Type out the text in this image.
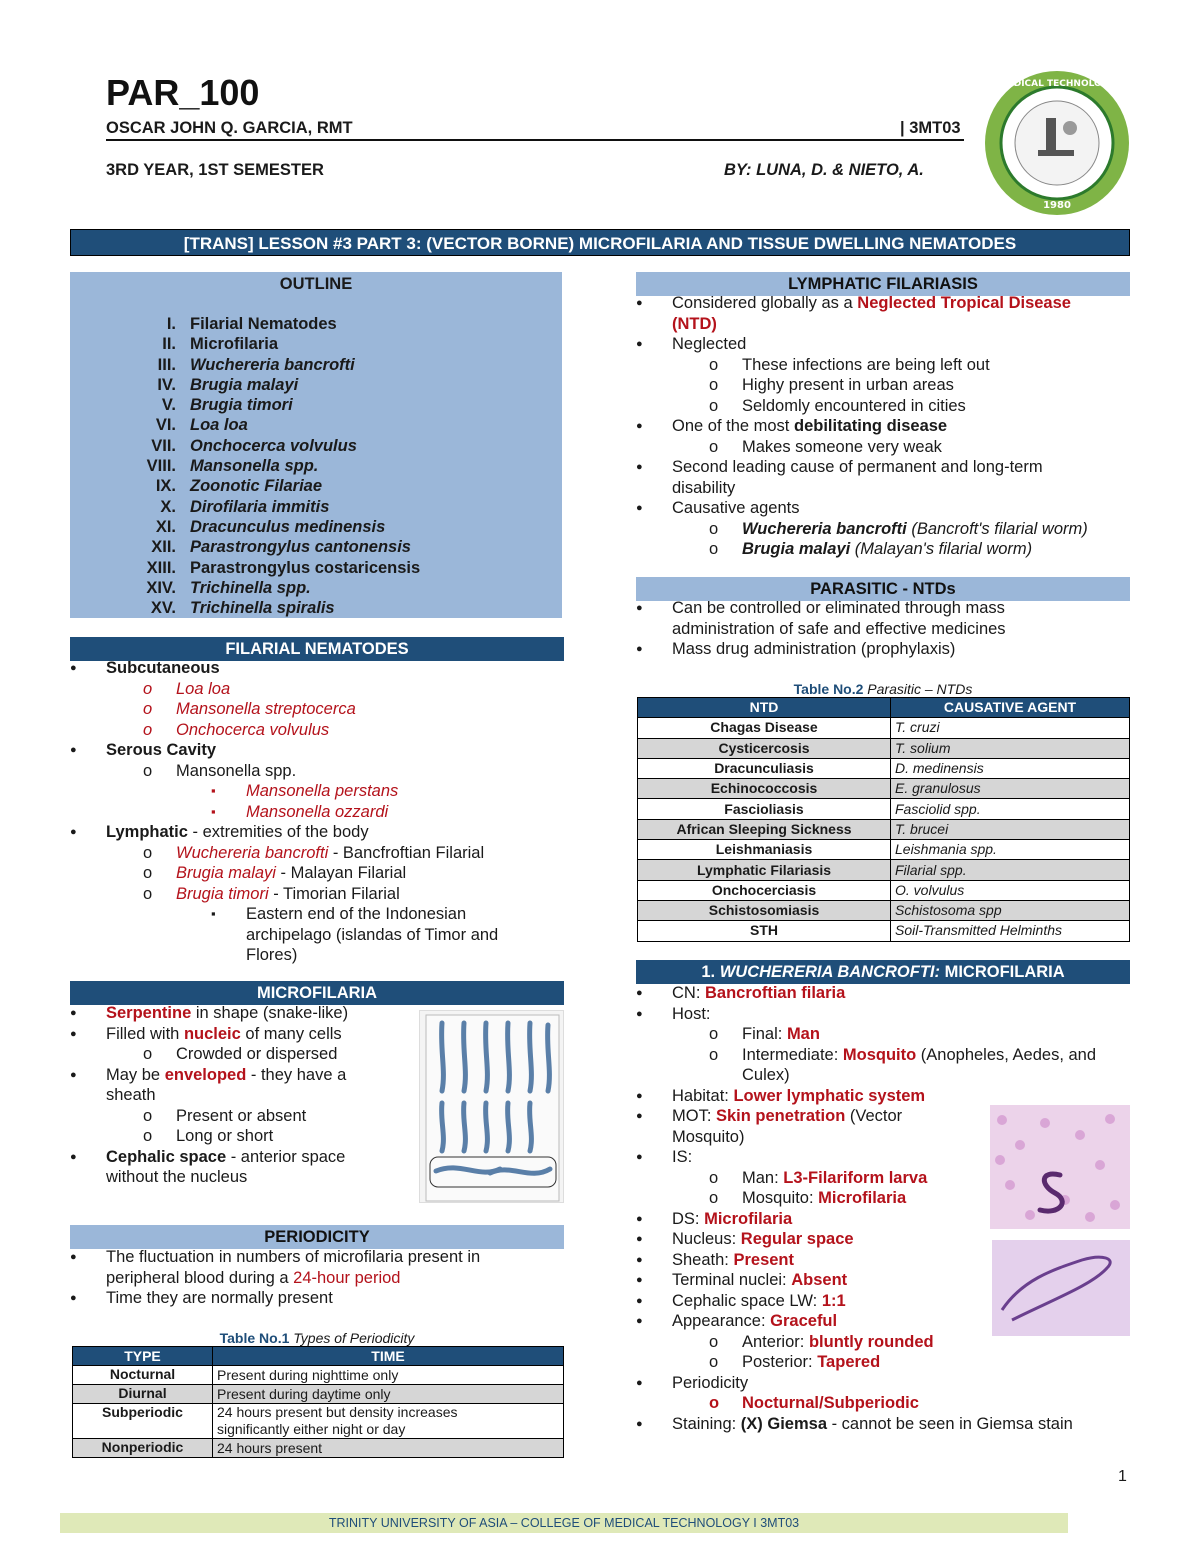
PAR_100
OSCAR JOHN Q. GARCIA, RMT	| 3MT03
3RD YEAR, 1ST SEMESTER	BY: LUNA, D. & NIETO, A.
MEDICAL TECHNOLOGY
1980
[TRANS] LESSON #3 PART 3: (VECTOR BORNE) MICROFILARIA AND TISSUE DWELLING NEMATODES
OUTLINE
I. Filarial Nematodes
II. Microfilaria
III. Wuchereria bancrofti
IV. Brugia malayi
V. Brugia timori
VI. Loa loa
VII. Onchocerca volvulus
VIII. Mansonella spp.
IX. Zoonotic Filariae
X. Dirofilaria immitis
XI. Dracunculus medinensis
XII. Parastrongylus cantonensis
XIII. Parastrongylus costaricensis
XIV. Trichinella spp.
XV. Trichinella spiralis
FILARIAL NEMATODES
● Subcutaneous
o Loa loa
o Mansonella streptocerca
o Onchocerca volvulus
● Serous Cavity
o Mansonella spp.
▪ Mansonella perstans
▪ Mansonella ozzardi
● Lymphatic - extremities of the body
o Wuchereria bancrofti - Bancfroftian Filarial
o Brugia malayi - Malayan Filarial
o Brugia timori - Timorian Filarial
▪ Eastern end of the Indonesian
archipelago (islandas of Timor and
Flores)
MICROFILARIA
● Serpentine in shape (snake-like)
● Filled with nucleic of many cells
o Crowded or dispersed
● May be enveloped - they have a
sheath
o Present or absent
o Long or short
● Cephalic space - anterior space
without the nucleus
PERIODICITY
● The fluctuation in numbers of microfilaria present in
peripheral blood during a 24-hour period
● Time they are normally present
Table No.1 Types of Periodicity
TYPE	TIME
Nocturnal	Present during nighttime only
Diurnal	Present during daytime only
Subperiodic	24 hours present but density increases
significantly either night or day
Nonperiodic	24 hours present
LYMPHATIC FILARIASIS
● Considered globally as a Neglected Tropical Disease
(NTD)
● Neglected
o These infections are being left out
o Highy present in urban areas
o Seldomly encountered in cities
● One of the most debilitating disease
o Makes someone very weak
● Second leading cause of permanent and long-term
disability
● Causative agents
o Wuchereria bancrofti (Bancroft's filarial worm)
o Brugia malayi (Malayan's filarial worm)
PARASITIC - NTDs
● Can be controlled or eliminated through mass
administration of safe and effective medicines
● Mass drug administration (prophylaxis)
Table No.2 Parasitic – NTDs
NTD	CAUSATIVE AGENT
Chagas Disease	T. cruzi
Cysticercosis	T. solium
Dracunculiasis	D. medinensis
Echinococcosis	E. granulosus
Fascioliasis	Fasciolid spp.
African Sleeping Sickness	T. brucei
Leishmaniasis	Leishmania spp.
Lymphatic Filariasis	Filarial spp.
Onchocerciasis	O. volvulus
Schistosomiasis	Schistosoma spp
STH	Soil-Transmitted Helminths
1. WUCHERERIA BANCROFTI: MICROFILARIA
● CN: Bancroftian filaria
● Host:
o Final: Man
o Intermediate: Mosquito (Anopheles, Aedes, and
Culex)
● Habitat: Lower lymphatic system
● MOT: Skin penetration (Vector
Mosquito)
● IS:
o Man: L3-Filariform larva
o Mosquito: Microfilaria
● DS: Microfilaria
● Nucleus: Regular space
● Sheath: Present
● Terminal nuclei: Absent
● Cephalic space LW: 1:1
● Appearance: Graceful
o Anterior: bluntly rounded
o Posterior: Tapered
● Periodicity
o Nocturnal/Subperiodic
● Staining: (X) Giemsa - cannot be seen in Giemsa stain
1
TRINITY UNIVERSITY OF ASIA – COLLEGE OF MEDICAL TECHNOLOGY I 3MT03
